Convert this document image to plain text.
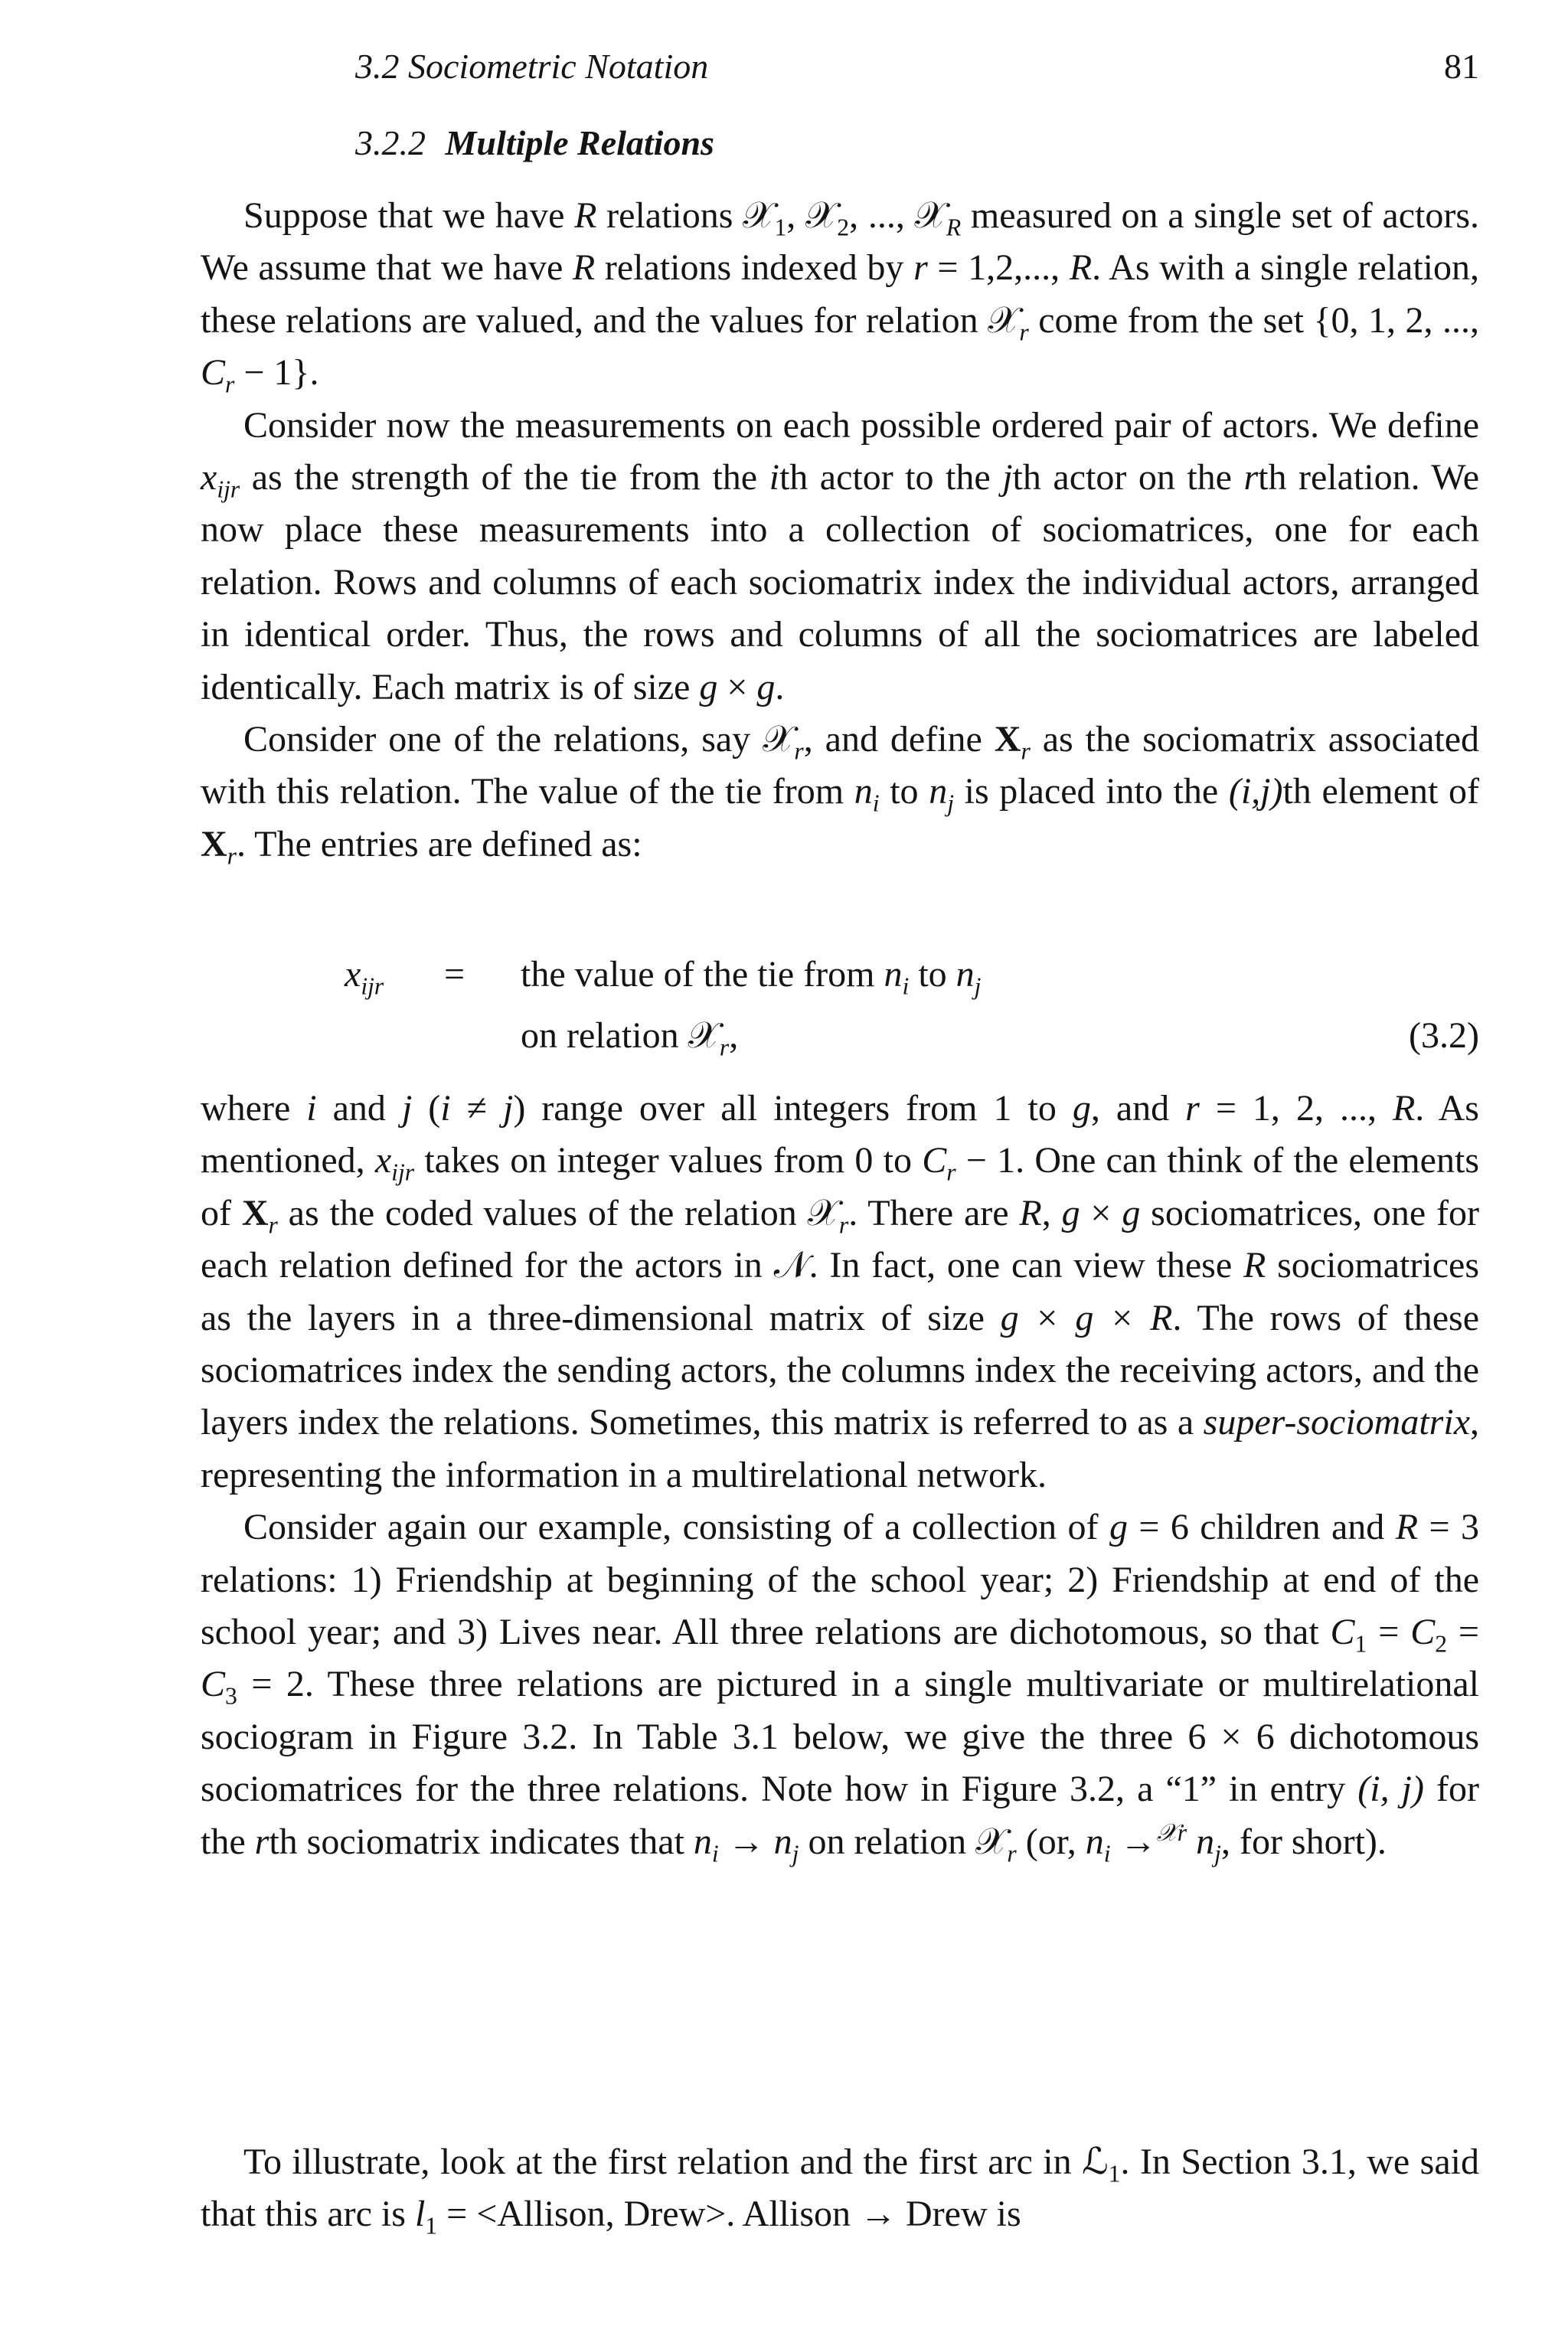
3.2 Sociometric Notation	81
3.2.2 Multiple Relations

Suppose that we have R relations 𝒳$_1$, 𝒳$_2$, ..., 𝒳$_R$ measured on a single set of actors. We assume that we have R relations indexed by r = 1,2,..., R. As with a single relation, these relations are valued, and the values for relation 𝒳$_r$ come from the set {0, 1, 2, ..., $C_r - 1$}.

Consider now the measurements on each possible ordered pair of actors. We define $x_{ijr}$ as the strength of the tie from the ith actor to the jth actor on the rth relation. We now place these measurements into a collection of sociomatrices, one for each relation. Rows and columns of each sociomatrix index the individual actors, arranged in identical order. Thus, the rows and columns of all the sociomatrices are labeled identically. Each matrix is of size g × g.

Consider one of the relations, say 𝒳$_r$, and define $X_r$ as the sociomatrix associated with this relation. The value of the tie from $n_i$ to $n_j$ is placed into the (i,j)th element of $X_r$. The entries are defined as:

$x_{ijr}$ = the value of the tie from $n_i$ to $n_j$
on relation 𝒳$_r$,	(3.2)

where i and j (i ≠ j) range over all integers from 1 to g, and r = 1, 2, ..., R. As mentioned, $x_{ijr}$ takes on integer values from 0 to $C_r - 1$. One can think of the elements of $X_r$ as the coded values of the relation 𝒳$_r$. There are R, g × g sociomatrices, one for each relation defined for the actors in 𝒩. In fact, one can view these R sociomatrices as the layers in a three-dimensional matrix of size g × g × R. The rows of these sociomatrices index the sending actors, the columns index the receiving actors, and the layers index the relations. Sometimes, this matrix is referred to as a super-sociomatrix, representing the information in a multirelational network.

Consider again our example, consisting of a collection of g = 6 children and R = 3 relations: 1) Friendship at beginning of the school year; 2) Friendship at end of the school year; and 3) Lives near. All three relations are dichotomous, so that $C_1 = C_2 = C_3 = 2$. These three relations are pictured in a single multivariate or multirelational sociogram in Figure 3.2. In Table 3.1 below, we give the three 6 × 6 dichotomous sociomatrices for the three relations. Note how in Figure 3.2, a “1” in entry (i, j) for the rth sociomatrix indicates that $n_i \to n_j$ on relation 𝒳$_r$ (or, $n_i \to^{𝒳r}$ $n_j$, for short).

To illustrate, look at the first relation and the first arc in ℒ$_1$. In Section 3.1, we said that this arc is $l_1$ = <Allison, Drew>. Allison → Drew is
